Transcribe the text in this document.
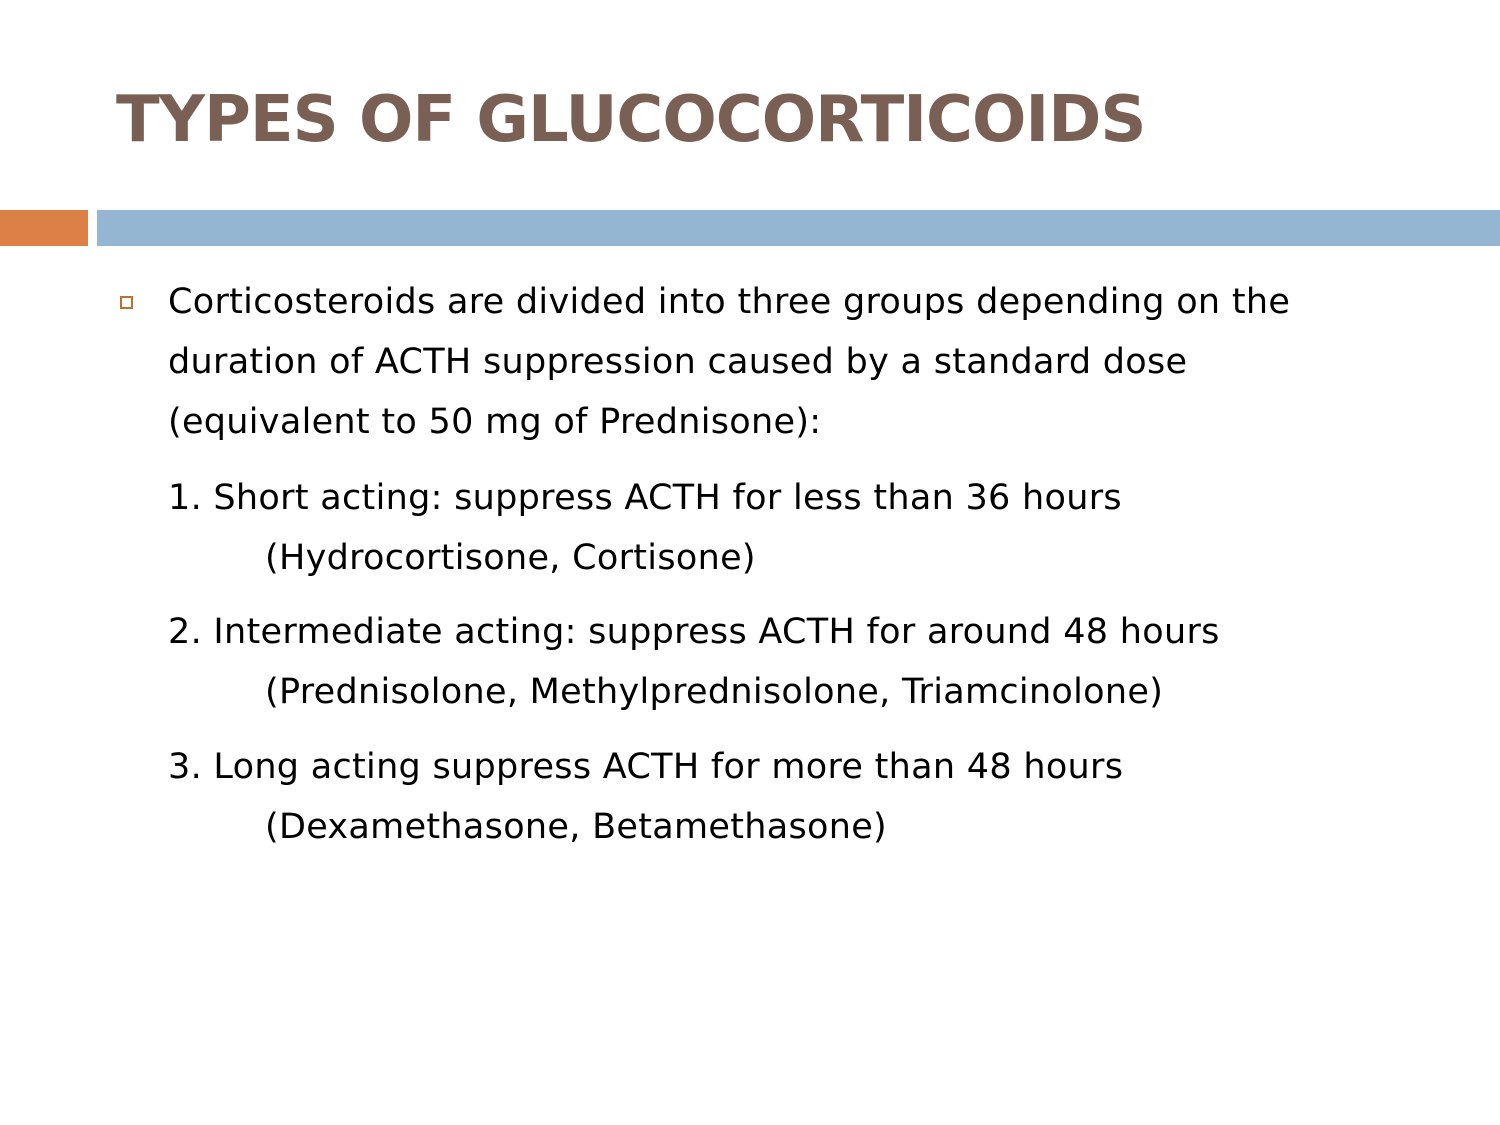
TYPES OF GLUCOCORTICOIDS
Corticosteroids are divided into three groups depending on the
duration of ACTH suppression caused by a standard dose
(equivalent to 50 mg of Prednisone):
1. Short acting: suppress ACTH for less than 36 hours
(Hydrocortisone, Cortisone)
2. Intermediate acting: suppress ACTH for around 48 hours
(Prednisolone, Methylprednisolone, Triamcinolone)
3. Long acting suppress ACTH for more than 48 hours
(Dexamethasone, Betamethasone)
